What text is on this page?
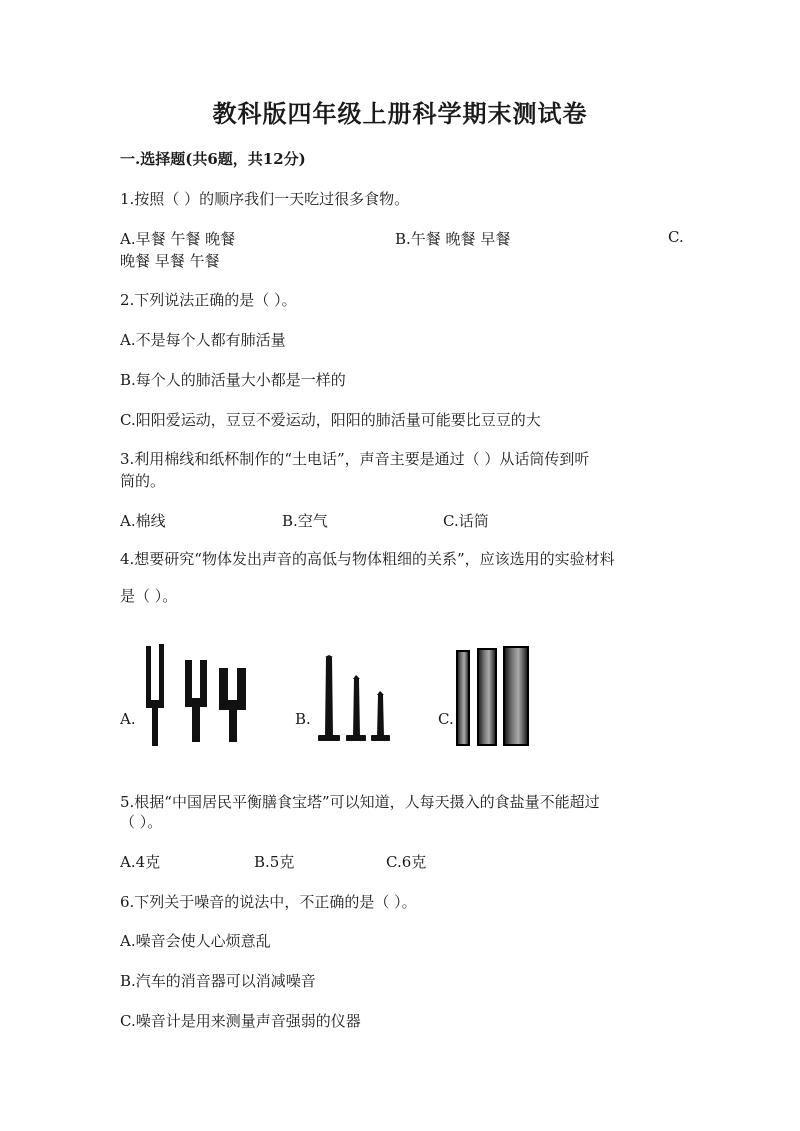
教科版四年级上册科学期末测试卷
一.选择题(共6题，共12分)
1.按照（ ）的顺序我们一天吃过很多食物。
A.早餐 午餐 晚餐	B.午餐 晚餐 早餐	C.
晚餐 早餐 午餐
2.下列说法正确的是（ ）。
A.不是每个人都有肺活量
B.每个人的肺活量大小都是一样的
C.阳阳爱运动，豆豆不爱运动，阳阳的肺活量可能要比豆豆的大
3.利用棉线和纸杯制作的“土电话”，声音主要是通过（ ）从话筒传到听
筒的。
A.棉线	B.空气	C.话筒
4.想要研究“物体发出声音的高低与物体粗细的关系”，应该选用的实验材料
是（ ）。
A.	B.	C.
5.根据“中国居民平衡膳食宝塔”可以知道，人每天摄入的食盐量不能超过
（ ）。
A.4克	B.5克	C.6克
6.下列关于噪音的说法中，不正确的是（ ）。
A.噪音会使人心烦意乱
B.汽车的消音器可以消减噪音
C.噪音计是用来测量声音强弱的仪器
